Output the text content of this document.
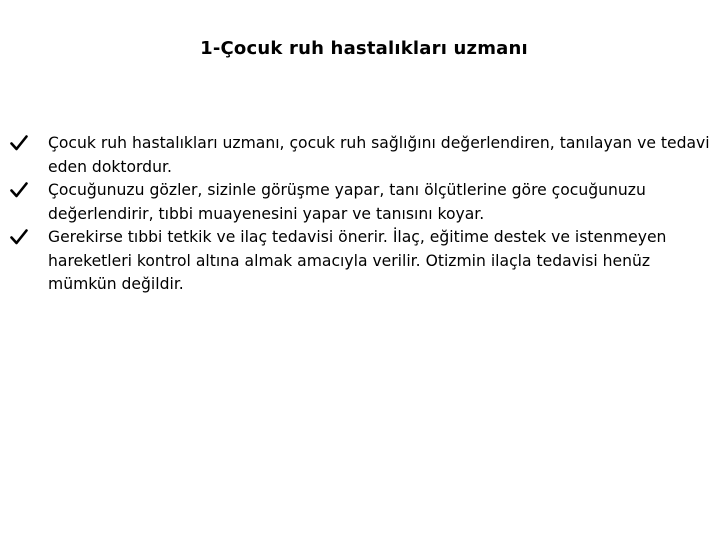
1-Çocuk ruh hastalıkları uzmanı
Çocuk ruh hastalıkları uzmanı, çocuk ruh sağlığını değerlendiren, tanılayan ve tedavi eden doktordur.
Çocuğunuzu gözler, sizinle görüşme yapar, tanı ölçütlerine göre çocuğunuzu değerlendirir, tıbbi muayenesini yapar ve tanısını koyar.
Gerekirse tıbbi tetkik ve ilaç tedavisi önerir. İlaç, eğitime destek ve istenmeyen hareketleri kontrol altına almak amacıyla verilir. Otizmin ilaçla tedavisi henüz mümkün değildir.
